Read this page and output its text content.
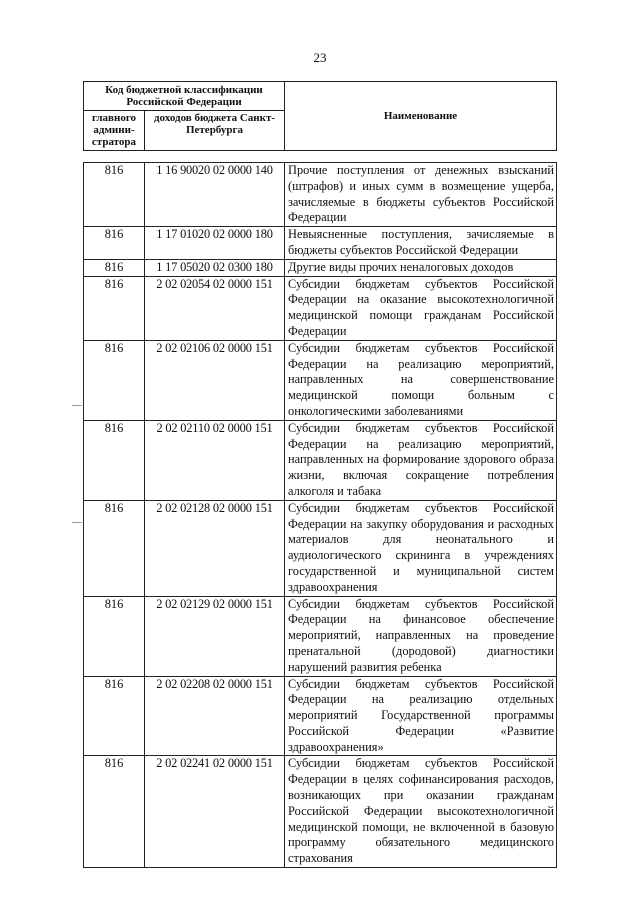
23
Код бюджетной классификации Российской Федерации		Наименование
главного админи-стратора	доходов бюджета Санкт-Петербурга	
816	1 16 90020 02 0000 140	Прочие поступления от денежных взысканий (штрафов) и иных сумм в возмещение ущерба, зачисляемые в бюджеты субъектов Российской Федерации
816	1 17 01020 02 0000 180	Невыясненные поступления, зачисляемые в бюджеты субъектов Российской Федерации
816	1 17 05020 02 0300 180	Другие виды прочих неналоговых доходов
816	2 02 02054 02 0000 151	Субсидии бюджетам субъектов Российской Федерации на оказание высокотехнологичной медицинской помощи гражданам Российской Федерации
816	2 02 02106 02 0000 151	Субсидии бюджетам субъектов Российской Федерации на реализацию мероприятий, направленных на совершенствование медицинской помощи больным с онкологическими заболеваниями
816	2 02 02110 02 0000 151	Субсидии бюджетам субъектов Российской Федерации на реализацию мероприятий, направленных на формирование здорового образа жизни, включая сокращение потребления алкоголя и табака
816	2 02 02128 02 0000 151	Субсидии бюджетам субъектов Российской Федерации на закупку оборудования и расходных материалов для неонатального и аудиологического скрининга в учреждениях государственной и муниципальной систем здравоохранения
816	2 02 02129 02 0000 151	Субсидии бюджетам субъектов Российской Федерации на финансовое обеспечение мероприятий, направленных на проведение пренатальной (дородовой) диагностики нарушений развития ребенка
816	2 02 02208 02 0000 151	Субсидии бюджетам субъектов Российской Федерации на реализацию отдельных мероприятий Государственной программы Российской Федерации «Развитие здравоохранения»
816	2 02 02241 02 0000 151	Субсидии бюджетам субъектов Российской Федерации в целях софинансирования расходов, возникающих при оказании гражданам Российской Федерации высокотехнологичной медицинской помощи, не включенной в базовую программу обязательного медицинского страхования
